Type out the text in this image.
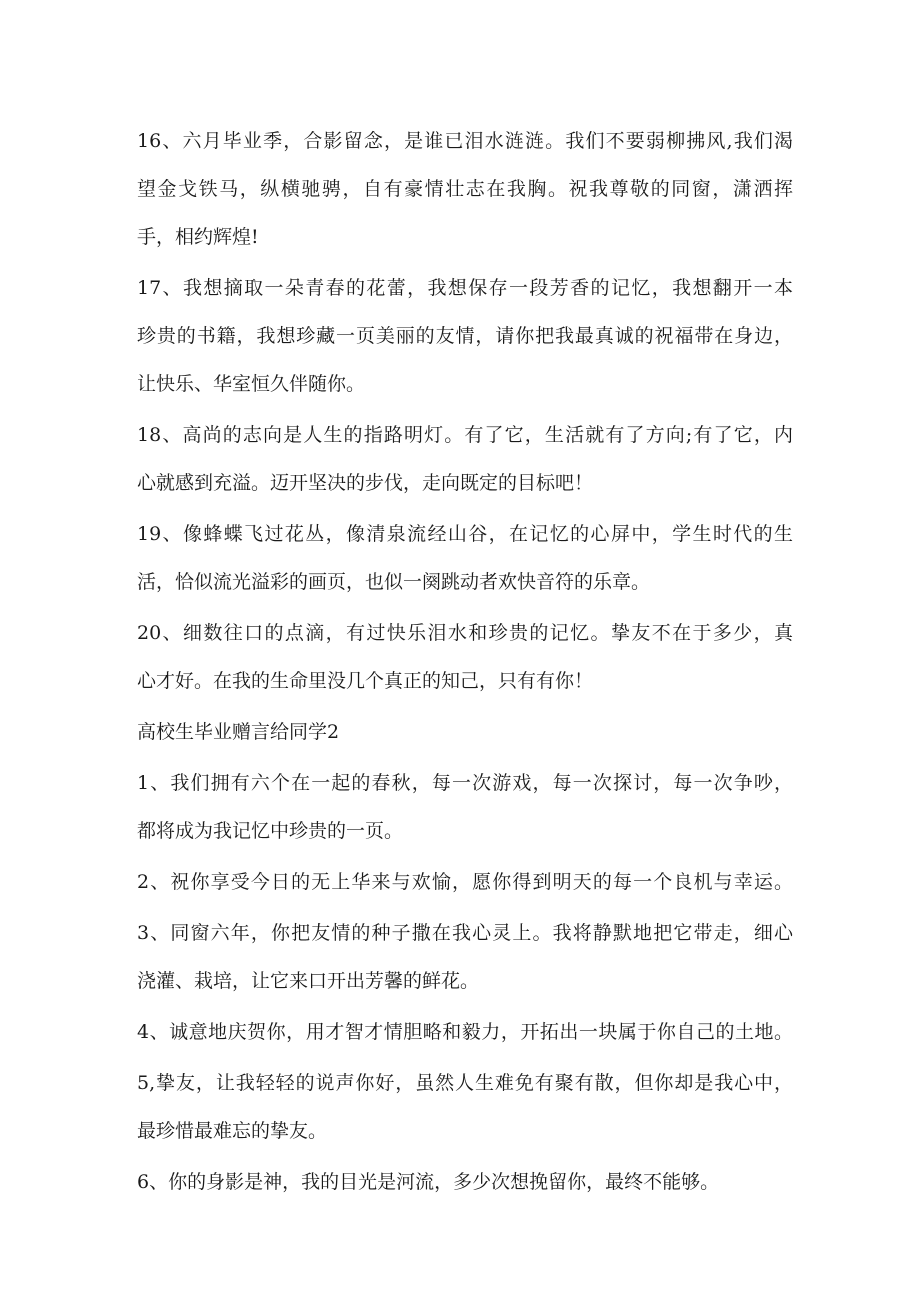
16、六月毕业季，合影留念，是谁已泪水涟涟。我们不要弱柳拂风,我们渴
望金戈铁马，纵横驰骋，自有豪情壮志在我胸。祝我尊敬的同窗，潇洒挥
手，相约辉煌!
17、我想摘取一朵青春的花蕾，我想保存一段芳香的记忆，我想翻开一本
珍贵的书籍，我想珍藏一页美丽的友情，请你把我最真诚的祝福带在身边，
让快乐、华室恒久伴随你。
18、高尚的志向是人生的指路明灯。有了它，生活就有了方向;有了它，内
心就感到充溢。迈开坚决的步伐，走向既定的目标吧！
19、像蜂蝶飞过花丛，像清泉流经山谷，在记忆的心屏中，学生时代的生
活，恰似流光溢彩的画页，也似一阕跳动者欢快音符的乐章。
20、细数往口的点滴，有过快乐泪水和珍贵的记忆。挚友不在于多少，真
心才好。在我的生命里没几个真正的知己，只有有你！
高校生毕业赠言给同学2
1、我们拥有六个在一起的春秋，每一次游戏，每一次探讨，每一次争吵，
都将成为我记忆中珍贵的一页。
2、祝你享受今日的无上华来与欢愉，愿你得到明天的每一个良机与幸运。
3、同窗六年，你把友情的种子撒在我心灵上。我将静默地把它带走，细心
浇灌、栽培，让它来口开出芳馨的鲜花。
4、诚意地庆贺你，用才智才情胆略和毅力，开拓出一块属于你自己的土地。
5,挚友，让我轻轻的说声你好，虽然人生难免有聚有散，但你却是我心中，
最珍惜最难忘的挚友。
6、你的身影是神，我的目光是河流，多少次想挽留你，最终不能够。
